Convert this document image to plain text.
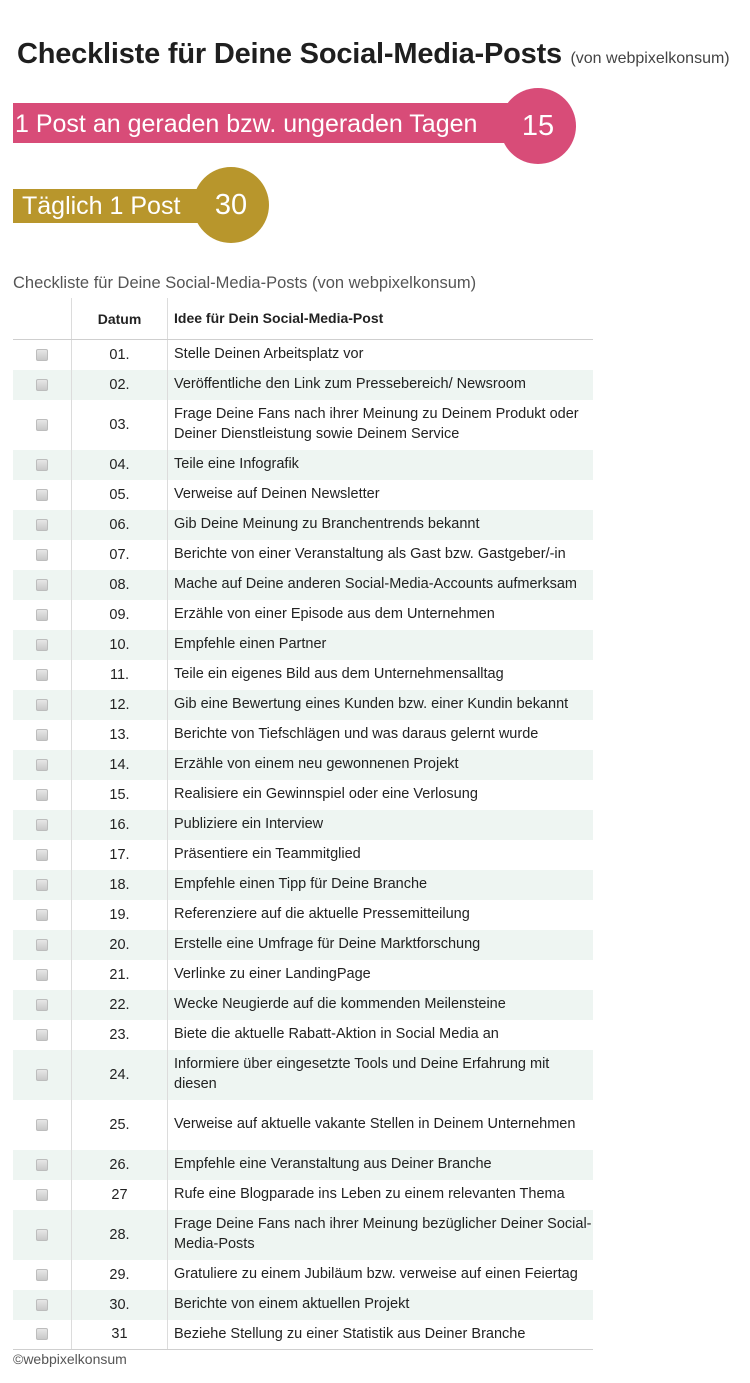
Checkliste für Deine Social-Media-Posts (von webpixelkonsum)
1 Post an geraden bzw. ungeraden Tagen	15
Täglich 1 Post	30
Checkliste für Deine Social-Media-Posts (von webpixelkonsum)
	Datum	Idee für Dein Social-Media-Post
	01.	Stelle Deinen Arbeitsplatz vor
	02.	Veröffentliche den Link zum Pressebereich/ Newsroom
	03.	Frage Deine Fans nach ihrer Meinung zu Deinem Produkt oder Deiner Dienstleistung sowie Deinem Service
	04.	Teile eine Infografik
	05.	Verweise auf Deinen Newsletter
	06.	Gib Deine Meinung zu Branchentrends bekannt
	07.	Berichte von einer Veranstaltung als Gast bzw. Gastgeber/-in
	08.	Mache auf Deine anderen Social-Media-Accounts aufmerksam
	09.	Erzähle von einer Episode aus dem Unternehmen
	10.	Empfehle einen Partner
	11.	Teile ein eigenes Bild aus dem Unternehmensalltag
	12.	Gib eine Bewertung eines Kunden bzw. einer Kundin bekannt
	13.	Berichte von Tiefschlägen und was daraus gelernt wurde
	14.	Erzähle von einem neu gewonnenen Projekt
	15.	Realisiere ein Gewinnspiel oder eine Verlosung
	16.	Publiziere ein Interview
	17.	Präsentiere ein Teammitglied
	18.	Empfehle einen Tipp für Deine Branche
	19.	Referenziere auf die aktuelle Pressemitteilung
	20.	Erstelle eine Umfrage für Deine Marktforschung
	21.	Verlinke zu einer LandingPage
	22.	Wecke Neugierde auf die kommenden Meilensteine
	23.	Biete die aktuelle Rabatt-Aktion in Social Media an
	24.	Informiere über eingesetzte Tools und Deine Erfahrung mit diesen
	25.	Verweise auf aktuelle vakante Stellen in Deinem Unternehmen
	26.	Empfehle eine Veranstaltung aus Deiner Branche
	27	Rufe eine Blogparade ins Leben zu einem relevanten Thema
	28.	Frage Deine Fans nach ihrer Meinung bezüglicher Deiner Social-Media-Posts
	29.	Gratuliere zu einem Jubiläum bzw. verweise auf einen Feiertag
	30.	Berichte von einem aktuellen Projekt
	31	Beziehe Stellung zu einer Statistik aus Deiner Branche
©webpixelkonsum
